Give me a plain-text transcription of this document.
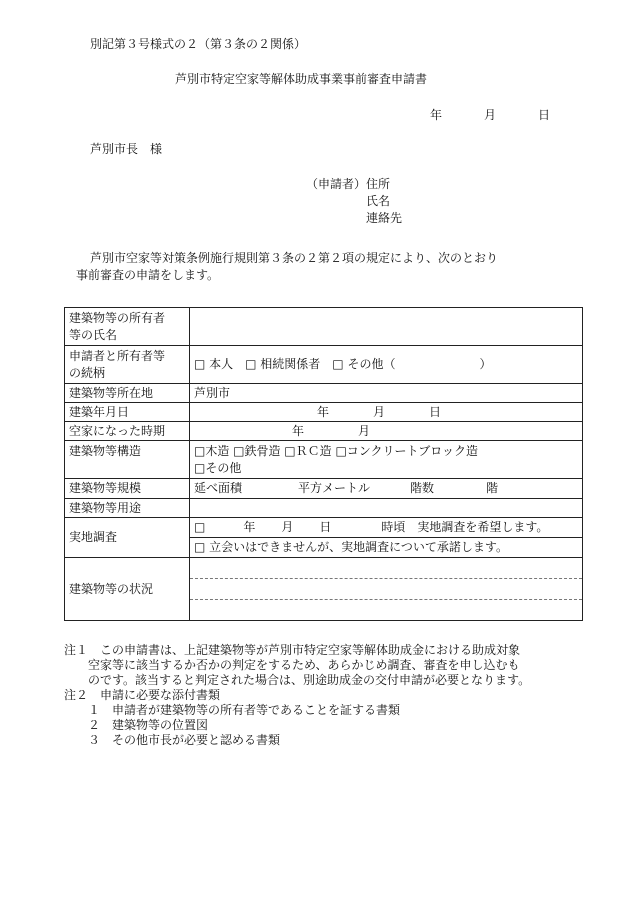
別記第３号様式の２（第３条の２関係）
芦別市特定空家等解体助成事業事前審査申請書
年	月	日
芦別市長　様
（申請者） 住所
氏名
連絡先
芦別市空家等対策条例施行規則第３条の２第２項の規定により、次のとおり
事前審査の申請をします。
建築物等の所有者
等の氏名	

申請者と所有者等
の続柄	□ 本人　□ 相続関係者　□ その他（　　　　　　　）
建築物等所在地	芦別市
建築年月日	年 月 日
空家になった時期	年 月
建築物等構造	□木造 □鉄骨造 □ＲＣ造 □コンクリートブロック造
□その他

建築物等規模	延べ面積 平方メートル 階数 階
建築物等用途	
実地調査	□ 年 月 日 時頃　実地調査を希望します。
□ 立会いはできませんが、実地調査について承諾します。

建築物等の状況	
注１　この申請書は、上記建築物等が芦別市特定空家等解体助成金における助成対象
　　空家等に該当するか否かの判定をするため、あらかじめ調査、審査を申し込むも
　　のです。該当すると判定された場合は、別途助成金の交付申請が必要となります。
注２　申請に必要な添付書類
　　１　申請者が建築物等の所有者等であることを証する書類
　　２　建築物等の位置図
　　３　その他市長が必要と認める書類
